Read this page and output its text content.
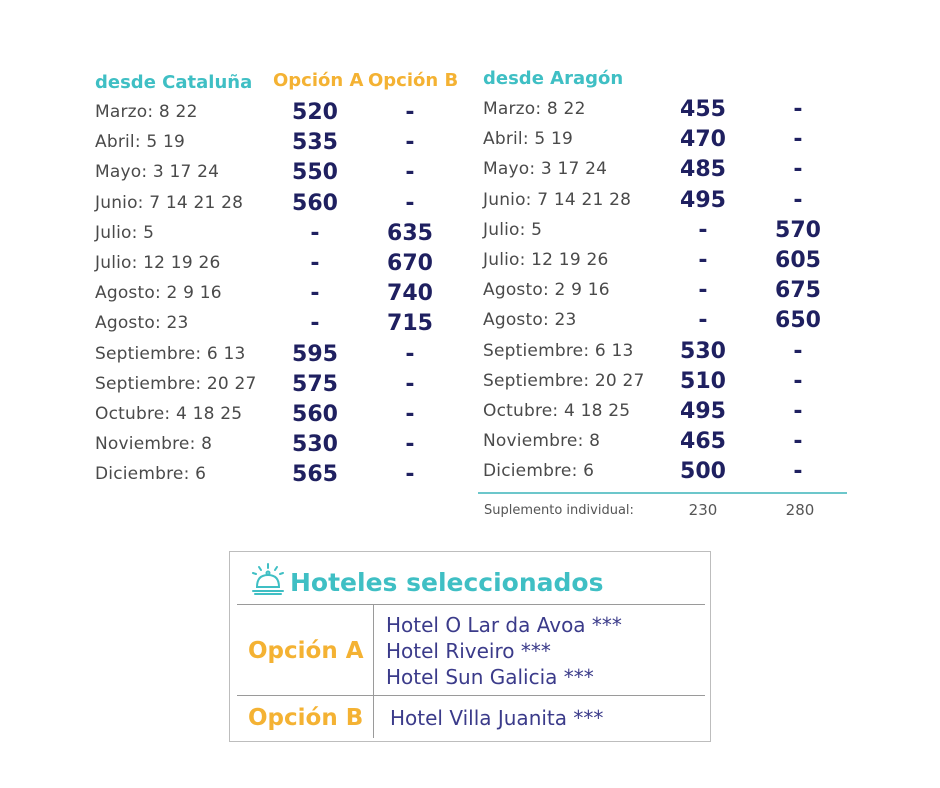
desde Cataluña Opción A Opción B
Marzo: 8 22	520	-
Abril: 5 19	535	-
Mayo: 3 17 24	550	-
Junio: 7 14 21 28	560	-
Julio: 5	-	635
Julio: 12 19 26	-	670
Agosto: 2 9 16	-	740
Agosto: 23	-	715
Septiembre: 6 13	595	-
Septiembre: 20 27	575	-
Octubre: 4 18 25	560	-
Noviembre: 8	530	-
Diciembre: 6	565	-
desde Aragón
Marzo: 8 22	455	-
Abril: 5 19	470	-
Mayo: 3 17 24	485	-
Junio: 7 14 21 28	495	-
Julio: 5	-	570
Julio: 12 19 26	-	605
Agosto: 2 9 16	-	675
Agosto: 23	-	650
Septiembre: 6 13	530	-
Septiembre: 20 27	510	-
Octubre: 4 18 25	495	-
Noviembre: 8	465	-
Diciembre: 6	500	-
Suplemento individual:	230	280
Hoteles seleccionados
Opción A
Hotel O Lar da Avoa ***
Hotel Riveiro ***
Hotel Sun Galicia ***
Opción B Hotel Villa Juanita ***
